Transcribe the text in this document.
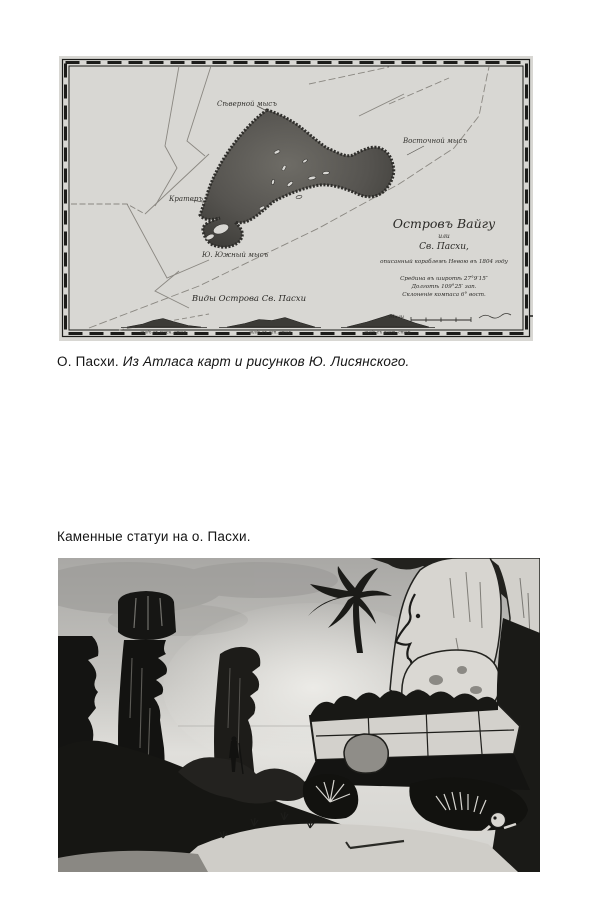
Сѣверной мысъ
Восточной мысъ
Кратеръ
Ю. Южный мысъ
Островъ Вайгу
или
Св. Пасхи,
описанный кораблемъ Невою въ 1804 году
Средина въ широтѣ 27°9′15″
Долготѣ 109°25′ зап.
Склоненіе компаса 6° вост.
Виды Острова Св. Пасхи
видъ съ южн. стор.	видъ съ зап. стор.	видъ съ вост. стор.
Мили
О. Пасхи. Из Атласа карт и рисунков Ю. Лисянского.
Каменные статуи на о. Пасхи.
